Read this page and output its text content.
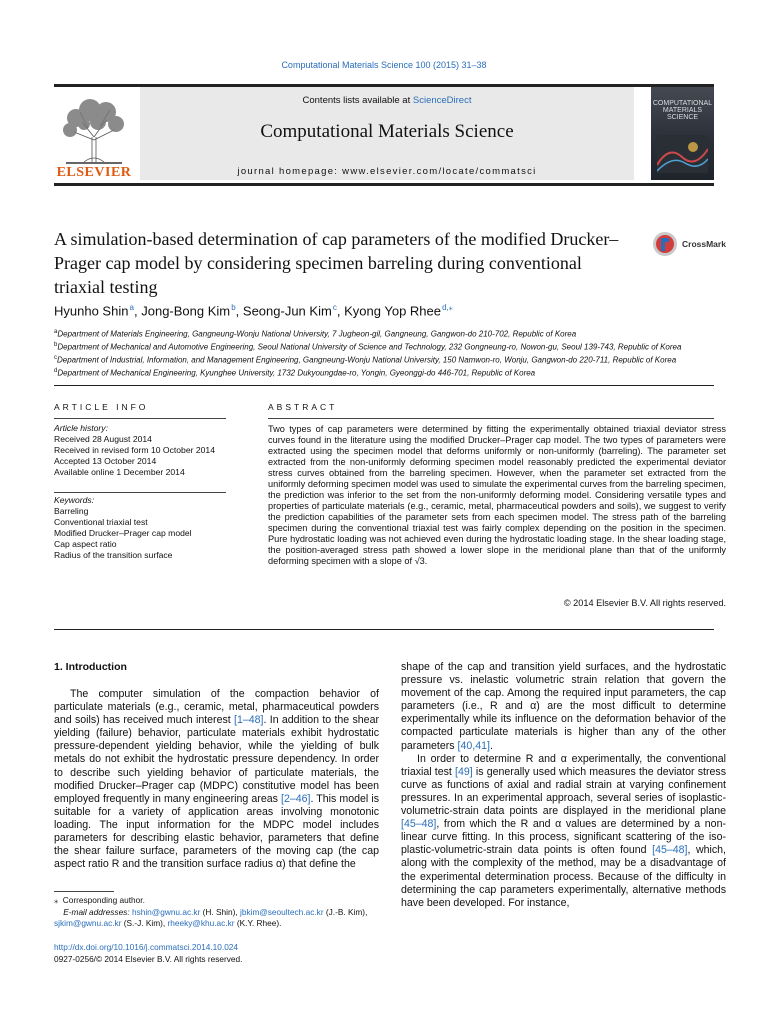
Computational Materials Science 100 (2015) 31–38
ELSEVIER
Contents lists available at ScienceDirect
Computational Materials Science
journal homepage: www.elsevier.com/locate/commatsci
COMPUTATIONAL MATERIALS SCIENCE
A simulation-based determination of cap parameters of the modified Drucker–Prager cap model by considering specimen barreling during conventional triaxial testing
CrossMark
Hyunho Shin $^a$, Jong-Bong Kim $^b$, Seong-Jun Kim $^c$, Kyong Yop Rhee $^{d,⁎}$
$^a$Department of Materials Engineering, Gangneung-Wonju National University, 7 Jugheon-gil, Gangneung, Gangwon-do 210-702, Republic of Korea
$^b$Department of Mechanical and Automotive Engineering, Seoul National University of Science and Technology, 232 Gongneung-ro, Nowon-gu, Seoul 139-743, Republic of Korea
$^c$Department of Industrial, Information, and Management Engineering, Gangneung-Wonju National University, 150 Namwon-ro, Wonju, Gangwon-do 220-711, Republic of Korea
$^d$Department of Mechanical Engineering, Kyunghee University, 1732 Dukyoungdae-ro, Yongin, Gyeonggi-do 446-701, Republic of Korea
ARTICLE INFO	ABSTRACT
Article history:
Received 28 August 2014
Received in revised form 10 October 2014
Accepted 13 October 2014
Available online 1 December 2014
Keywords:
Barreling
Conventional triaxial test
Modified Drucker–Prager cap model
Cap aspect ratio
Radius of the transition surface
Two types of cap parameters were determined by fitting the experimentally obtained triaxial deviator stress curves found in the literature using the modified Drucker–Prager cap model. The two types of parameters were extracted using the specimen model that deforms uniformly or non-uniformly (barreling). The parameter set extracted from the non-uniformly deforming specimen model reasonably predicted the experimental deviator stress curves obtained from the barreling specimen. However, when the parameter set extracted from the uniformly deforming specimen model was used to simulate the experimental curves from the barreling specimen, the prediction was inferior to the set from the non-uniformly deforming model. Considering versatile types and properties of particulate materials (e.g., ceramic, metal, pharmaceutical powders and soils), we suggest to verify the prediction capabilities of the parameter sets from each specimen model. The stress path of the barreling specimen during the conventional triaxial test was fairly complex depending on the position in the specimen. Pure hydrostatic loading was not achieved even during the hydrostatic loading stage. In the shear loading stage, the position-averaged stress path showed a lower slope in the meridional plane than that of the uniformly deforming specimen with a slope of √3.
© 2014 Elsevier B.V. All rights reserved.
1. Introduction

The computer simulation of the compaction behavior of particulate materials (e.g., ceramic, metal, pharmaceutical powders and soils) has received much interest [1–48]. In addition to the shear yielding (failure) behavior, particulate materials exhibit hydrostatic pressure-dependent yielding behavior, while the yielding of bulk metals do not exhibit the hydrostatic pressure dependency. In order to describe such yielding behavior of particulate materials, the modified Drucker–Prager cap (MDPC) constitutive model has been employed frequently in many engineering areas [2–46]. This model is suitable for a variety of application areas involving monotonic loading. The input information for the MDPC model includes parameters for describing elastic behavior, parameters that define the shear failure surface, parameters of the moving cap (the cap aspect ratio R and the transition surface radius α) that define the

shape of the cap and transition yield surfaces, and the hydrostatic pressure vs. inelastic volumetric strain relation that govern the movement of the cap. Among the required input parameters, the cap parameters (i.e., R and α) are the most difficult to determine experimentally while its influence on the deformation behavior of the compacted particulate materials is higher than any of the other parameters [40,41].

In order to determine R and α experimentally, the conventional triaxial test [49] is generally used which measures the deviator stress curve as functions of axial and radial strain at varying confinement pressures. In an experimental approach, several series of isoplastic-volumetric-strain data points are displayed in the meridional plane [45–48], from which the R and α values are determined by a non-linear curve fitting. In this process, significant scattering of the iso-plastic-volumetric-strain data points is often found [45–48], which, along with the complexity of the method, may be a disadvantage of the experimental determination process. Because of the difficulty in determining the cap parameters experimentally, alternative methods have been developed. For instance,

⁎ Corresponding author.
E-mail addresses: hshin@gwnu.ac.kr (H. Shin), jbkim@seoultech.ac.kr (J.-B. Kim),
sjkim@gwnu.ac.kr (S.-J. Kim), rheeky@khu.ac.kr (K.Y. Rhee).
http://dx.doi.org/10.1016/j.commatsci.2014.10.024
0927-0256/© 2014 Elsevier B.V. All rights reserved.
